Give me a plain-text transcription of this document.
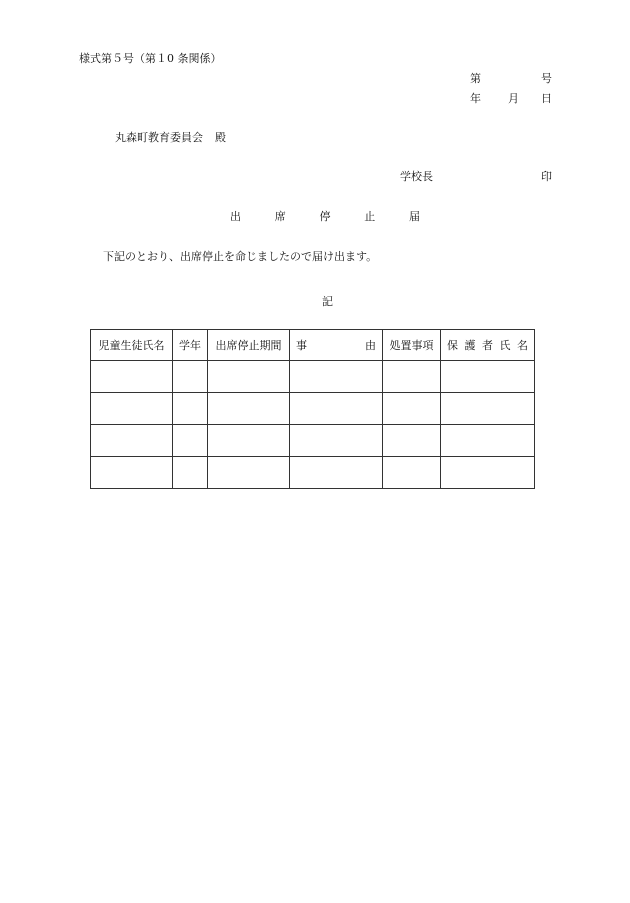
様式第５号（第１0 条関係）
第	号
年 月 日
丸森町教育委員会 殿
学校長	印
出	席	停	止	届
下記のとおり、出席停止を命じましたので届け出ます。
記
児童生徒氏名	学年	出席停止期間	事 由	処置事項	保 護 者 氏 名
